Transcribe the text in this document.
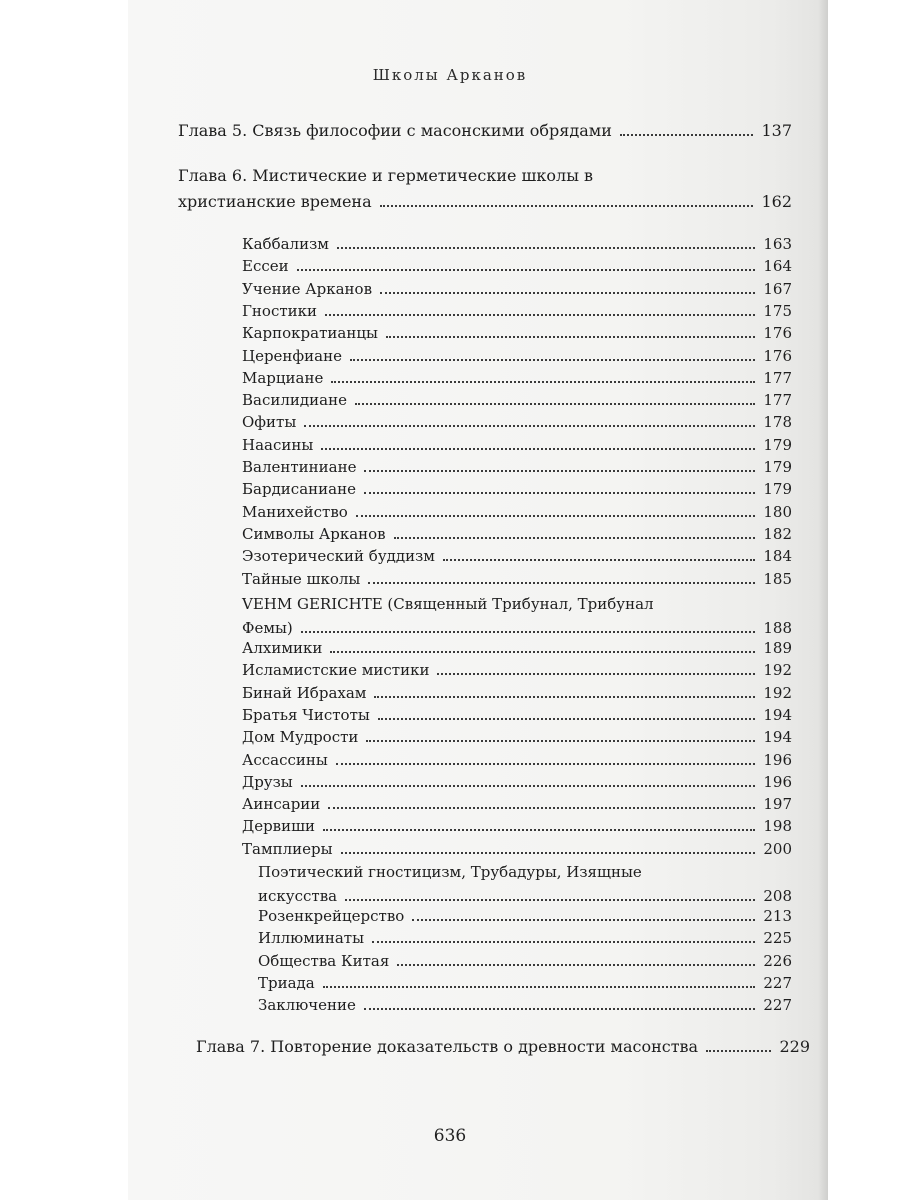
Школы Арканов
Глава 5. Связь философии с масонскими обрядами	137
Глава 6. Мистические и герметические школы в
христианские времена	162
Каббализм	163
Ессеи	164
Учение Арканов	167
Гностики	175
Карпократианцы	176
Церенфиане	176
Марциане	177
Василидиане	177
Офиты	178
Наасины	179
Валентиниане	179
Бардисаниане	179
Манихейство	180
Символы Арканов	182
Эзотерический буддизм	184
Тайные школы	185
VEHM GERICHTE (Священный Трибунал, Трибунал
Фемы)	188
Алхимики	189
Исламистские мистики	192
Бинай Ибрахам	192
Братья Чистоты	194
Дом Мудрости	194
Ассассины	196
Друзы	196
Аинсарии	197
Дервиши	198
Тамплиеры	200
Поэтический гностицизм, Трубадуры, Изящные
искусства	208
Розенкрейцерство	213
Иллюминаты	225
Общества Китая	226
Триада	227
Заключение	227
Глава 7. Повторение доказательств о древности масонства	229
636
